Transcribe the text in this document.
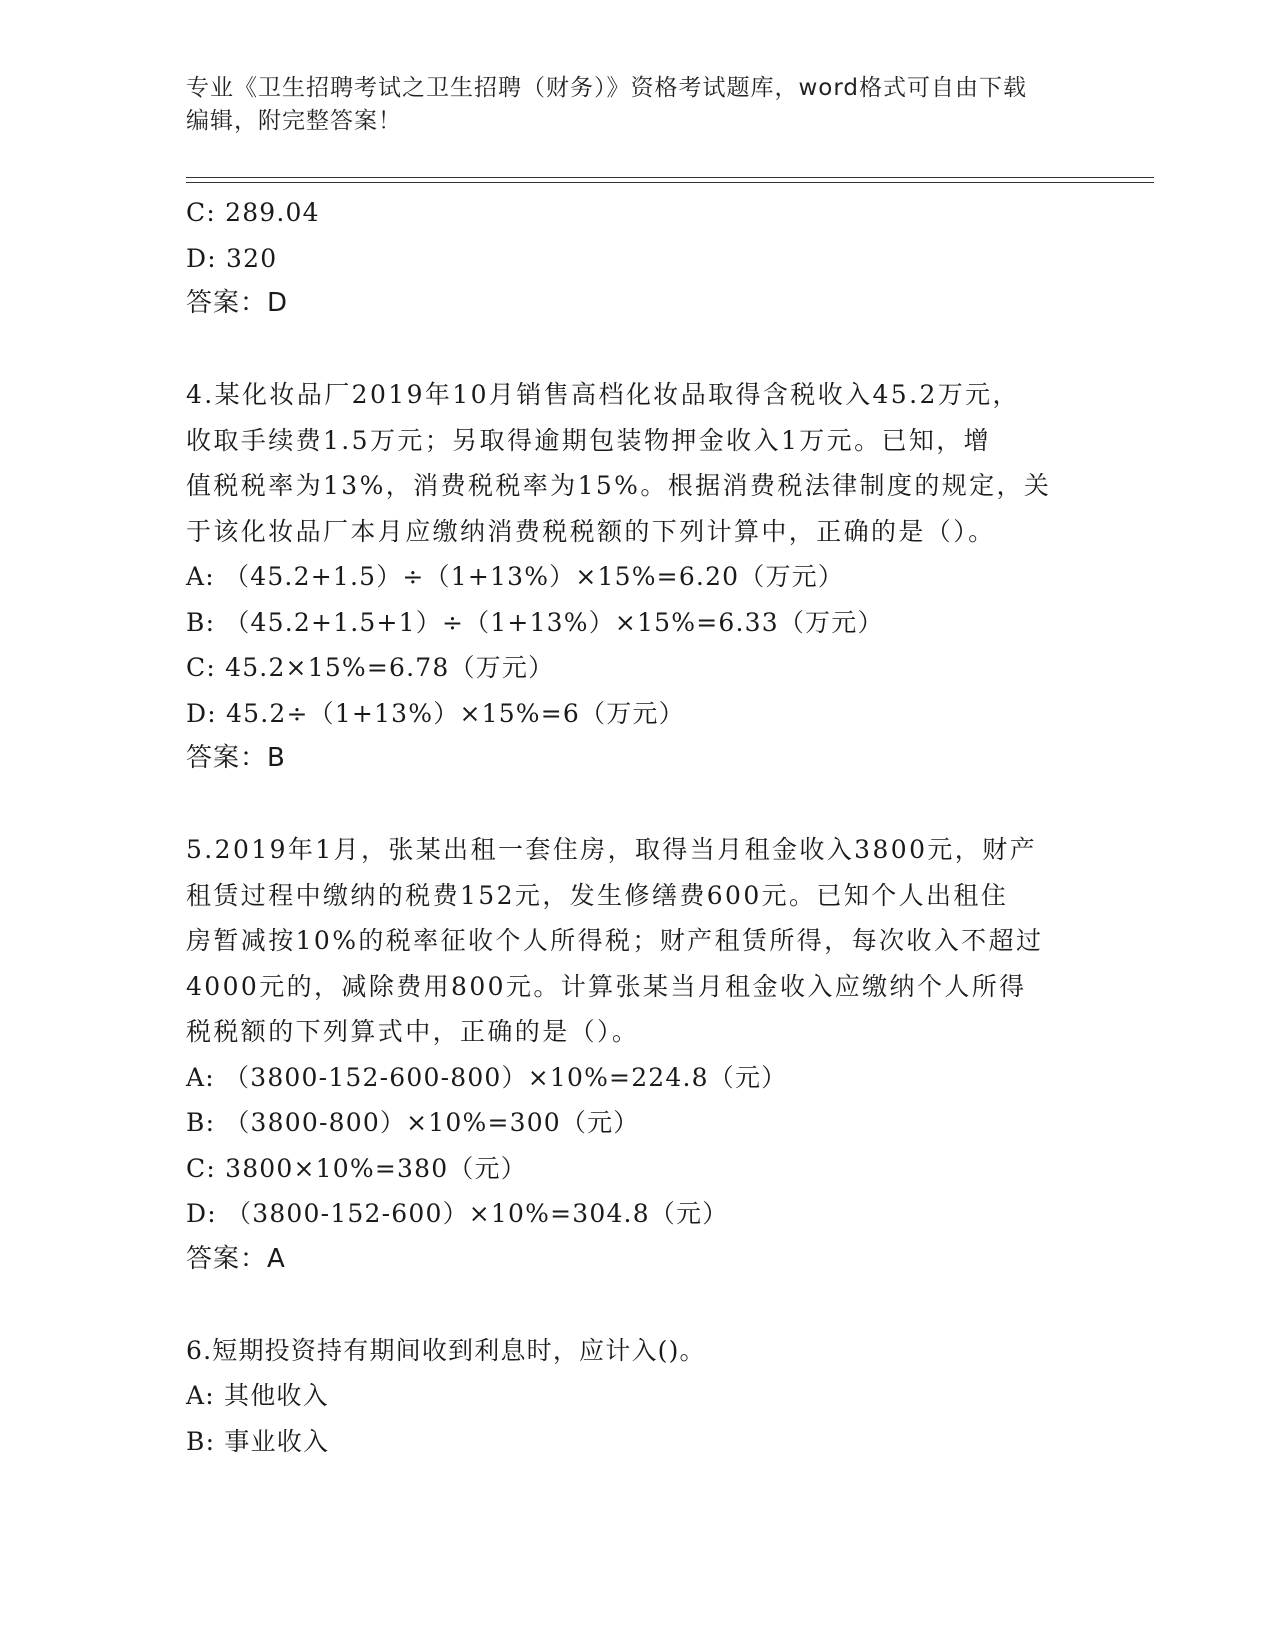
专业《卫生招聘考试之卫生招聘（财务）》资格考试题库，word格式可自由下载
编辑，附完整答案！
C: 289.04
D: 320
答案：D
4.某化妆品厂2019年10月销售高档化妆品取得含税收入45.2万元，
收取手续费1.5万元；另取得逾期包装物押金收入1万元。已知，增
值税税率为13%，消费税税率为15%。根据消费税法律制度的规定，关
于该化妆品厂本月应缴纳消费税税额的下列计算中，正确的是（）。
A: （45.2+1.5）÷（1+13%）×15%=6.20（万元）
B: （45.2+1.5+1）÷（1+13%）×15%=6.33（万元）
C: 45.2×15%=6.78（万元）
D: 45.2÷（1+13%）×15%=6（万元）
答案：B
5.2019年1月，张某出租一套住房，取得当月租金收入3800元，财产
租赁过程中缴纳的税费152元，发生修缮费600元。已知个人出租住
房暂减按10%的税率征收个人所得税；财产租赁所得，每次收入不超过
4000元的，减除费用800元。计算张某当月租金收入应缴纳个人所得
税税额的下列算式中，正确的是（）。
A: （3800-152-600-800）×10%=224.8（元）
B: （3800-800）×10%=300（元）
C: 3800×10%=380（元）
D: （3800-152-600）×10%=304.8（元）
答案：A
6.短期投资持有期间收到利息时，应计入()。
A: 其他收入
B: 事业收入
